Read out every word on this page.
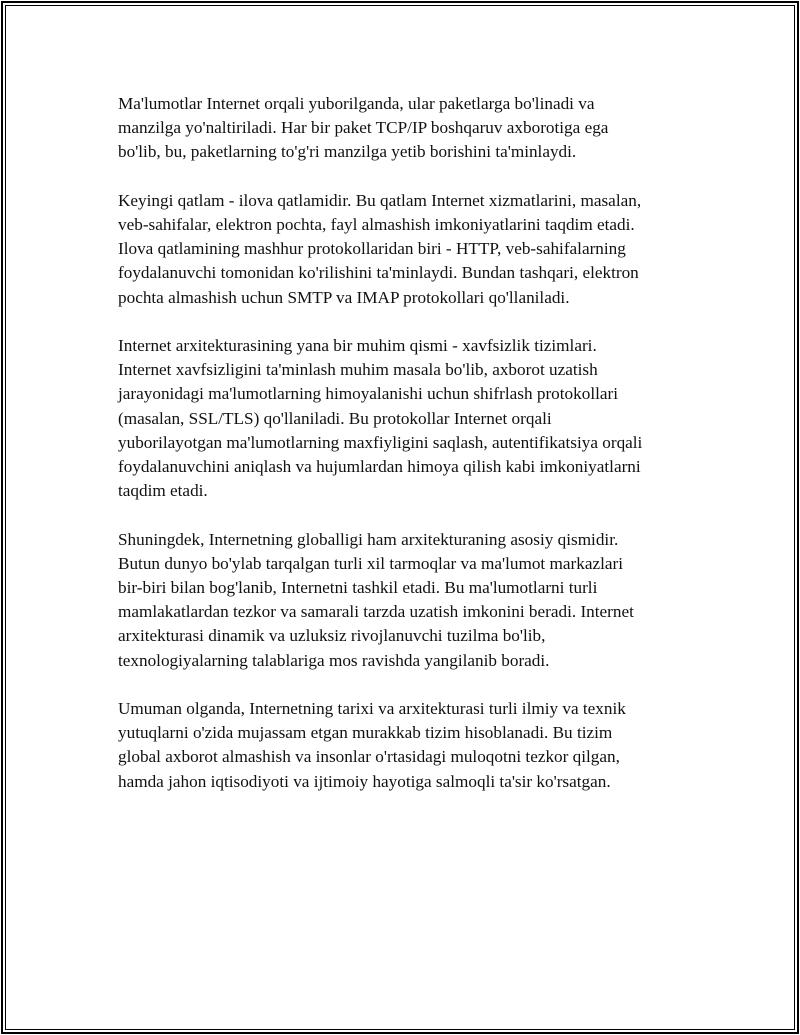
Ma'lumotlar Internet orqali yuborilganda, ular paketlarga bo'linadi va
manzilga yo'naltiriladi. Har bir paket TCP/IP boshqaruv axborotiga ega
bo'lib, bu, paketlarning to'g'ri manzilga yetib borishini ta'minlaydi.

Keyingi qatlam - ilova qatlamidir. Bu qatlam Internet xizmatlarini, masalan,
veb-sahifalar, elektron pochta, fayl almashish imkoniyatlarini taqdim etadi.
Ilova qatlamining mashhur protokollaridan biri - HTTP, veb-sahifalarning
foydalanuvchi tomonidan ko'rilishini ta'minlaydi. Bundan tashqari, elektron
pochta almashish uchun SMTP va IMAP protokollari qo'llaniladi.

Internet arxitekturasining yana bir muhim qismi - xavfsizlik tizimlari.
Internet xavfsizligini ta'minlash muhim masala bo'lib, axborot uzatish
jarayonidagi ma'lumotlarning himoyalanishi uchun shifrlash protokollari
(masalan, SSL/TLS) qo'llaniladi. Bu protokollar Internet orqali
yuborilayotgan ma'lumotlarning maxfiyligini saqlash, autentifikatsiya orqali
foydalanuvchini aniqlash va hujumlardan himoya qilish kabi imkoniyatlarni
taqdim etadi.

Shuningdek, Internetning globalligi ham arxitekturaning asosiy qismidir.
Butun dunyo bo'ylab tarqalgan turli xil tarmoqlar va ma'lumot markazlari
bir-biri bilan bog'lanib, Internetni tashkil etadi. Bu ma'lumotlarni turli
mamlakatlardan tezkor va samarali tarzda uzatish imkonini beradi. Internet
arxitekturasi dinamik va uzluksiz rivojlanuvchi tuzilma bo'lib,
texnologiyalarning talablariga mos ravishda yangilanib boradi.

Umuman olganda, Internetning tarixi va arxitekturasi turli ilmiy va texnik
yutuqlarni o'zida mujassam etgan murakkab tizim hisoblanadi. Bu tizim
global axborot almashish va insonlar o'rtasidagi muloqotni tezkor qilgan,
hamda jahon iqtisodiyoti va ijtimoiy hayotiga salmoqli ta'sir ko'rsatgan.
